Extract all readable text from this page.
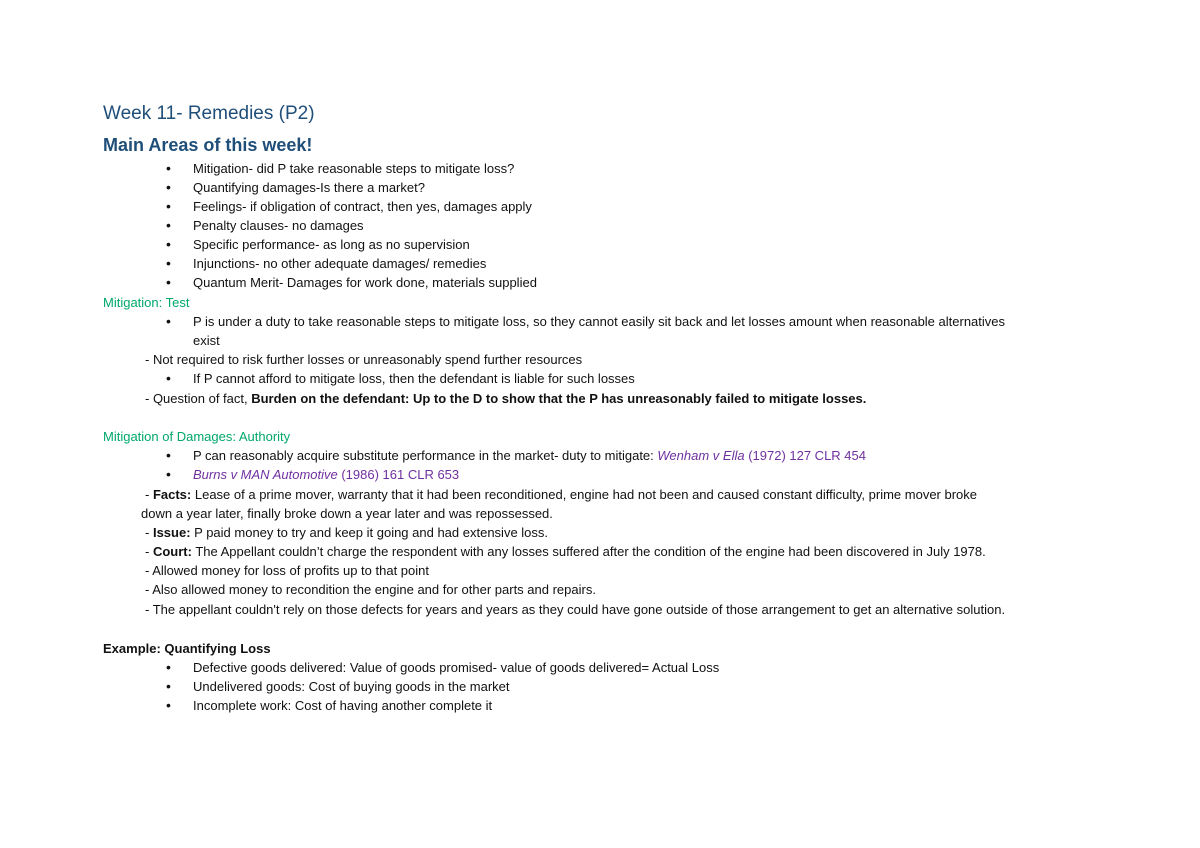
Week 11- Remedies (P2)
Main Areas of this week!
•
Mitigation- did P take reasonable steps to mitigate loss?
•
Quantifying damages-Is there a market?
•
Feelings- if obligation of contract, then yes, damages apply
•
Penalty clauses- no damages
•
Specific performance- as long as no supervision
•
Injunctions- no other adequate damages/ remedies
•
Quantum Merit- Damages for work done, materials supplied
Mitigation: Test
•
P is under a duty to take reasonable steps to mitigate loss, so they cannot easily sit back and let losses amount when reasonable alternatives
exist
- Not required to risk further losses or unreasonably spend further resources
•
If P cannot afford to mitigate loss, then the defendant is liable for such losses
- Question of fact, Burden on the defendant: Up to the D to show that the P has unreasonably failed to mitigate losses.
Mitigation of Damages: Authority
•
P can reasonably acquire substitute performance in the market- duty to mitigate: Wenham v Ella (1972) 127 CLR 454
•
Burns v MAN Automotive (1986) 161 CLR 653
- Facts: Lease of a prime mover, warranty that it had been reconditioned, engine had not been and caused constant difficulty, prime mover broke
down a year later, finally broke down a year later and was repossessed.
- Issue: P paid money to try and keep it going and had extensive loss.
- Court: The Appellant couldn’t charge the respondent with any losses suffered after the condition of the engine had been discovered in July 1978.
- Allowed money for loss of profits up to that point
- Also allowed money to recondition the engine and for other parts and repairs.
- The appellant couldn't rely on those defects for years and years as they could have gone outside of those arrangement to get an alternative solution.
Example: Quantifying Loss
•
Defective goods delivered: Value of goods promised- value of goods delivered= Actual Loss
•
Undelivered goods: Cost of buying goods in the market
•
Incomplete work: Cost of having another complete it
